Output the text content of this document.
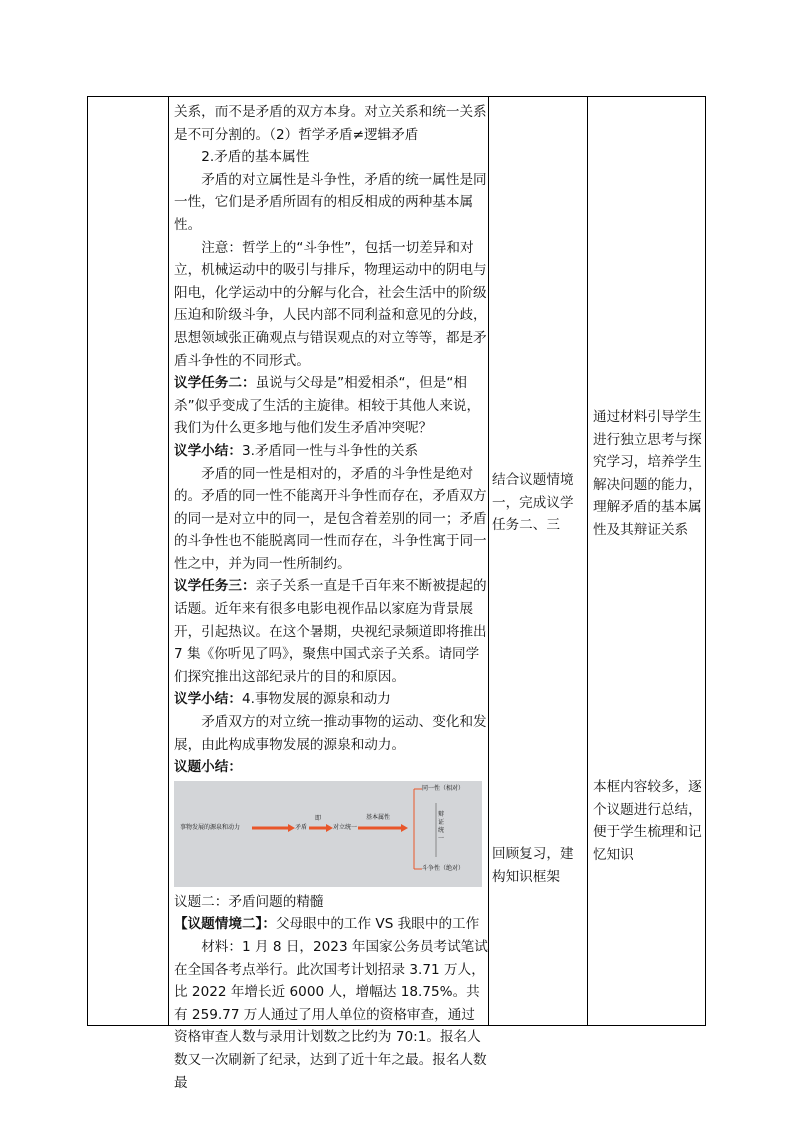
关系，而不是矛盾的双方本身。对立关系和统一关系是不可分割的。（2）哲学矛盾≠逻辑矛盾

2.矛盾的基本属性

矛盾的对立属性是斗争性，矛盾的统一属性是同一性，它们是矛盾所固有的相反相成的两种基本属性。

注意：哲学上的“斗争性”，包括一切差异和对立，机械运动中的吸引与排斥，物理运动中的阴电与阳电，化学运动中的分解与化合，社会生活中的阶级压迫和阶级斗争，人民内部不同利益和意见的分歧，思想领域张正确观点与错误观点的对立等等，都是矛盾斗争性的不同形式。

议学任务二：虽说与父母是”相爱相杀“，但是“相杀”似乎变成了生活的主旋律。相较于其他人来说，我们为什么更多地与他们发生矛盾冲突呢？

议学小结：3.矛盾同一性与斗争性的关系

矛盾的同一性是相对的，矛盾的斗争性是绝对的。矛盾的同一性不能离开斗争性而存在，矛盾双方的同一是对立中的同一，是包含着差别的同一；矛盾的斗争性也不能脱离同一性而存在，斗争性寓于同一性之中，并为同一性所制约。

议学任务三：亲子关系一直是千百年来不断被提起的话题。近年来有很多电影电视作品以家庭为背景展开，引起热议。在这个暑期，央视纪录频道即将推出 7 集《你听见了吗》，聚焦中国式亲子关系。请同学们探究推出这部纪录片的目的和原因。

议学小结：4.事物发展的源泉和动力

矛盾双方的对立统一推动事物的运动、变化和发展，由此构成事物发展的源泉和动力。

议题小结：

事物发展的源泉和动力	矛盾
即
对立统一
基本属性
同一性（相对）
斗争性（绝对）
辩证统一

议题二：矛盾问题的精髓

【议题情境二】：父母眼中的工作 VS 我眼中的工作

材料：1 月 8 日，2023 年国家公务员考试笔试在全国各考点举行。此次国考计划招录 3.71 万人，比 2022 年增长近 6000 人，增幅达 18.75%。共有 259.77 万人通过了用人单位的资格审查，通过资格审查人数与录用计划数之比约为 70:1。报名人数又一次刷新了纪录，达到了近十年之最。报名人数最

结合议题情境一，完成议学任务二、三
回顾复习，建构知识框架
通过材料引导学生进行独立思考与探究学习，培养学生解决问题的能力，理解矛盾的基本属性及其辩证关系
本框内容较多，逐个议题进行总结，便于学生梳理和记忆知识
